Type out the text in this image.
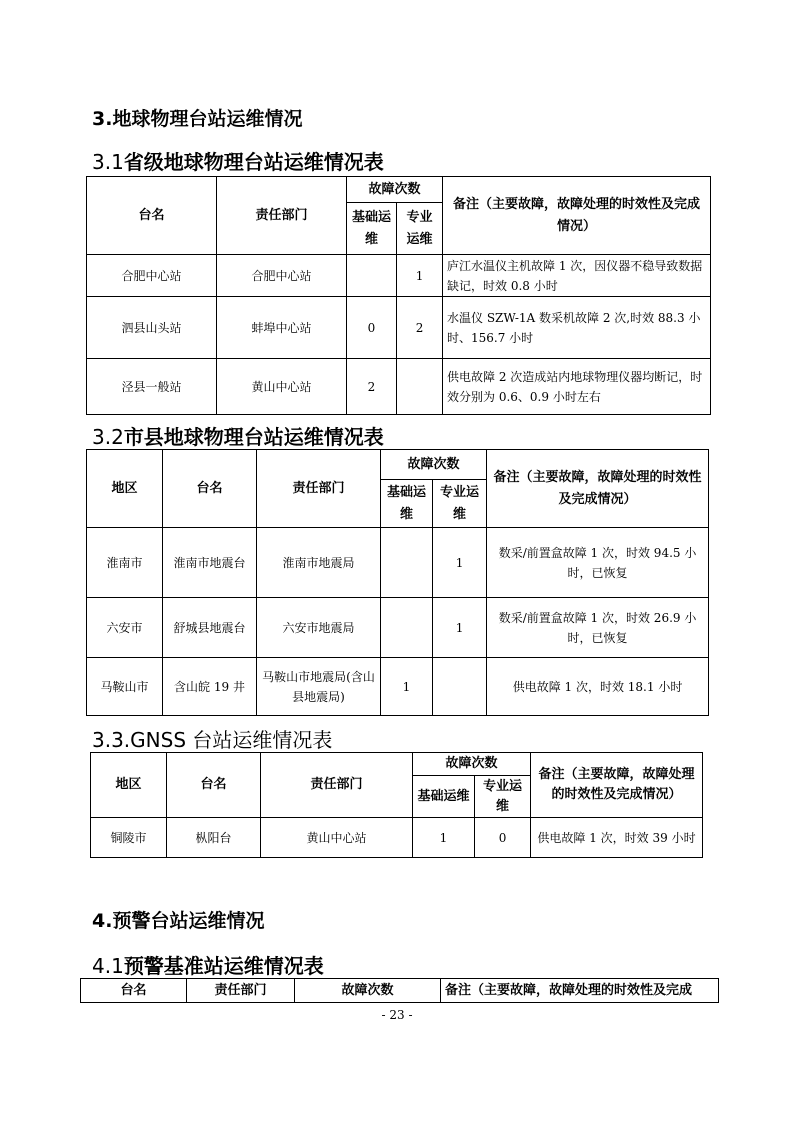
3.地球物理台站运维情况
3.1省级地球物理台站运维情况表
台名	责任部门	故障次数		备注（主要故障，故障处理的时效性及完成情况）
		基础运维	专业运维	
合肥中心站	合肥中心站		1	庐江水温仪主机故障 1 次，因仪器不稳导致数据缺记，时效 0.8 小时
泗县山头站	蚌埠中心站	0	2	水温仪 SZW-1A 数采机故障 2 次,时效 88.3 小时、156.7 小时
泾县一般站	黄山中心站	2		供电故障 2 次造成站内地球物理仪器均断记，时效分别为 0.6、0.9 小时左右
3.2市县地球物理台站运维情况表
地区	台名	责任部门	故障次数		备注（主要故障，故障处理的时效性及完成情况）
			基础运维	专业运维	
淮南市	淮南市地震台	淮南市地震局		1	数采/前置盒故障 1 次，时效 94.5 小时，已恢复
六安市	舒城县地震台	六安市地震局		1	数采/前置盒故障 1 次，时效 26.9 小时，已恢复
马鞍山市	含山皖 19 井	马鞍山市地震局(含山县地震局)	1		供电故障 1 次，时效 18.1 小时
3.3.GNSS 台站运维情况表
地区	台名	责任部门	故障次数		备注（主要故障，故障处理的时效性及完成情况）
			基础运维	专业运维	
铜陵市	枞阳台	黄山中心站	1	0	供电故障 1 次，时效 39 小时
4.预警台站运维情况
4.1预警基准站运维情况表
台名	责任部门	故障次数	备注（主要故障，故障处理的时效性及完成
- 23 -
